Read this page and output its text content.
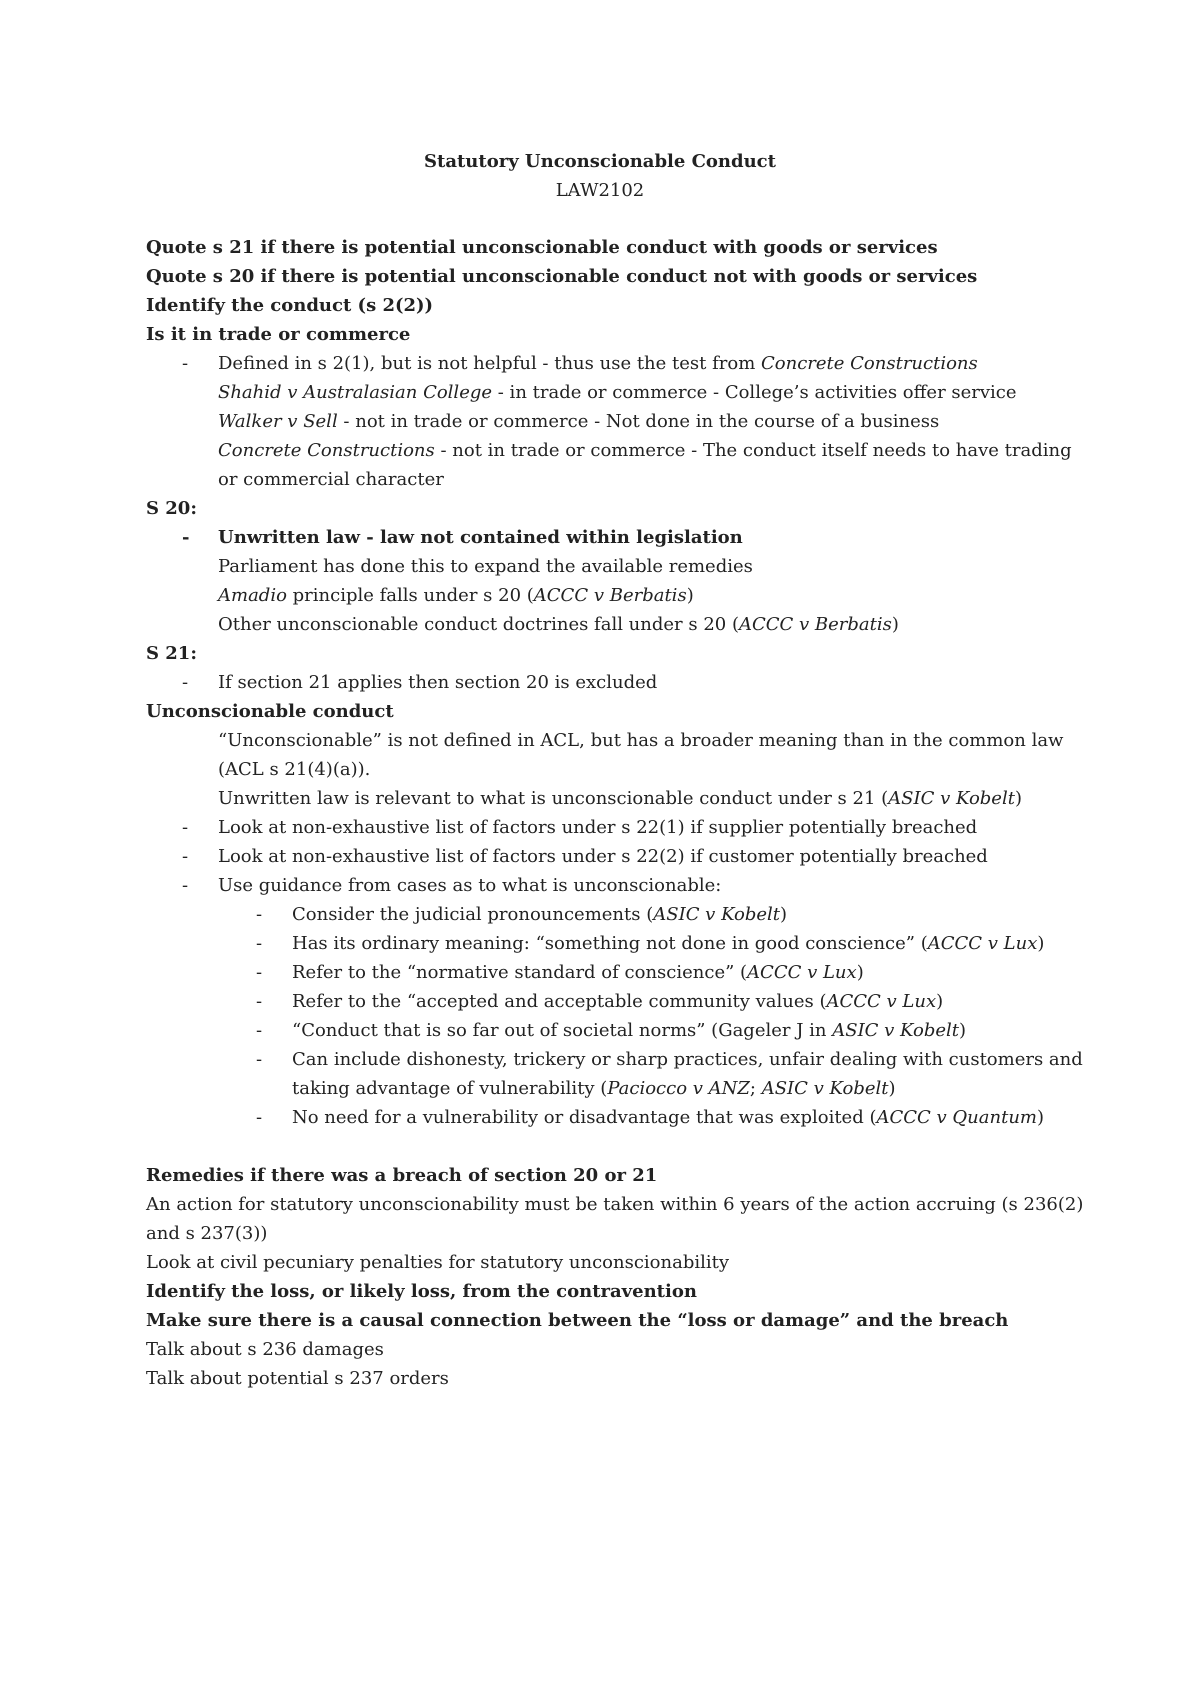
Statutory Unconscionable Conduct
LAW2102
Quote s 21 if there is potential unconscionable conduct with goods or services
Quote s 20 if there is potential unconscionable conduct not with goods or services
Identify the conduct (s 2(2))
Is it in trade or commerce
- Defined in s 2(1), but is not helpful - thus use the test from Concrete Constructions
Shahid v Australasian College - in trade or commerce - College’s activities offer service
Walker v Sell - not in trade or commerce - Not done in the course of a business
Concrete Constructions - not in trade or commerce - The conduct itself needs to have trading or commercial character
S 20:
- Unwritten law - law not contained within legislation
Parliament has done this to expand the available remedies
Amadio principle falls under s 20 (ACCC v Berbatis)
Other unconscionable conduct doctrines fall under s 20 (ACCC v Berbatis)
S 21:
- If section 21 applies then section 20 is excluded
Unconscionable conduct
“Unconscionable” is not defined in ACL, but has a broader meaning than in the common law (ACL s 21(4)(a)).
Unwritten law is relevant to what is unconscionable conduct under s 21 (ASIC v Kobelt)
- Look at non-exhaustive list of factors under s 22(1) if supplier potentially breached
- Look at non-exhaustive list of factors under s 22(2) if customer potentially breached
- Use guidance from cases as to what is unconscionable:
- Consider the judicial pronouncements (ASIC v Kobelt)
- Has its ordinary meaning: “something not done in good conscience” (ACCC v Lux)
- Refer to the “normative standard of conscience” (ACCC v Lux)
- Refer to the “accepted and acceptable community values (ACCC v Lux)
- “Conduct that is so far out of societal norms” (Gageler J in ASIC v Kobelt)
- Can include dishonesty, trickery or sharp practices, unfair dealing with customers and taking advantage of vulnerability (Paciocco v ANZ; ASIC v Kobelt)
- No need for a vulnerability or disadvantage that was exploited (ACCC v Quantum)
Remedies if there was a breach of section 20 or 21
An action for statutory unconscionability must be taken within 6 years of the action accruing (s 236(2) and s 237(3))
Look at civil pecuniary penalties for statutory unconscionability
Identify the loss, or likely loss, from the contravention
Make sure there is a causal connection between the “loss or damage” and the breach
Talk about s 236 damages
Talk about potential s 237 orders
